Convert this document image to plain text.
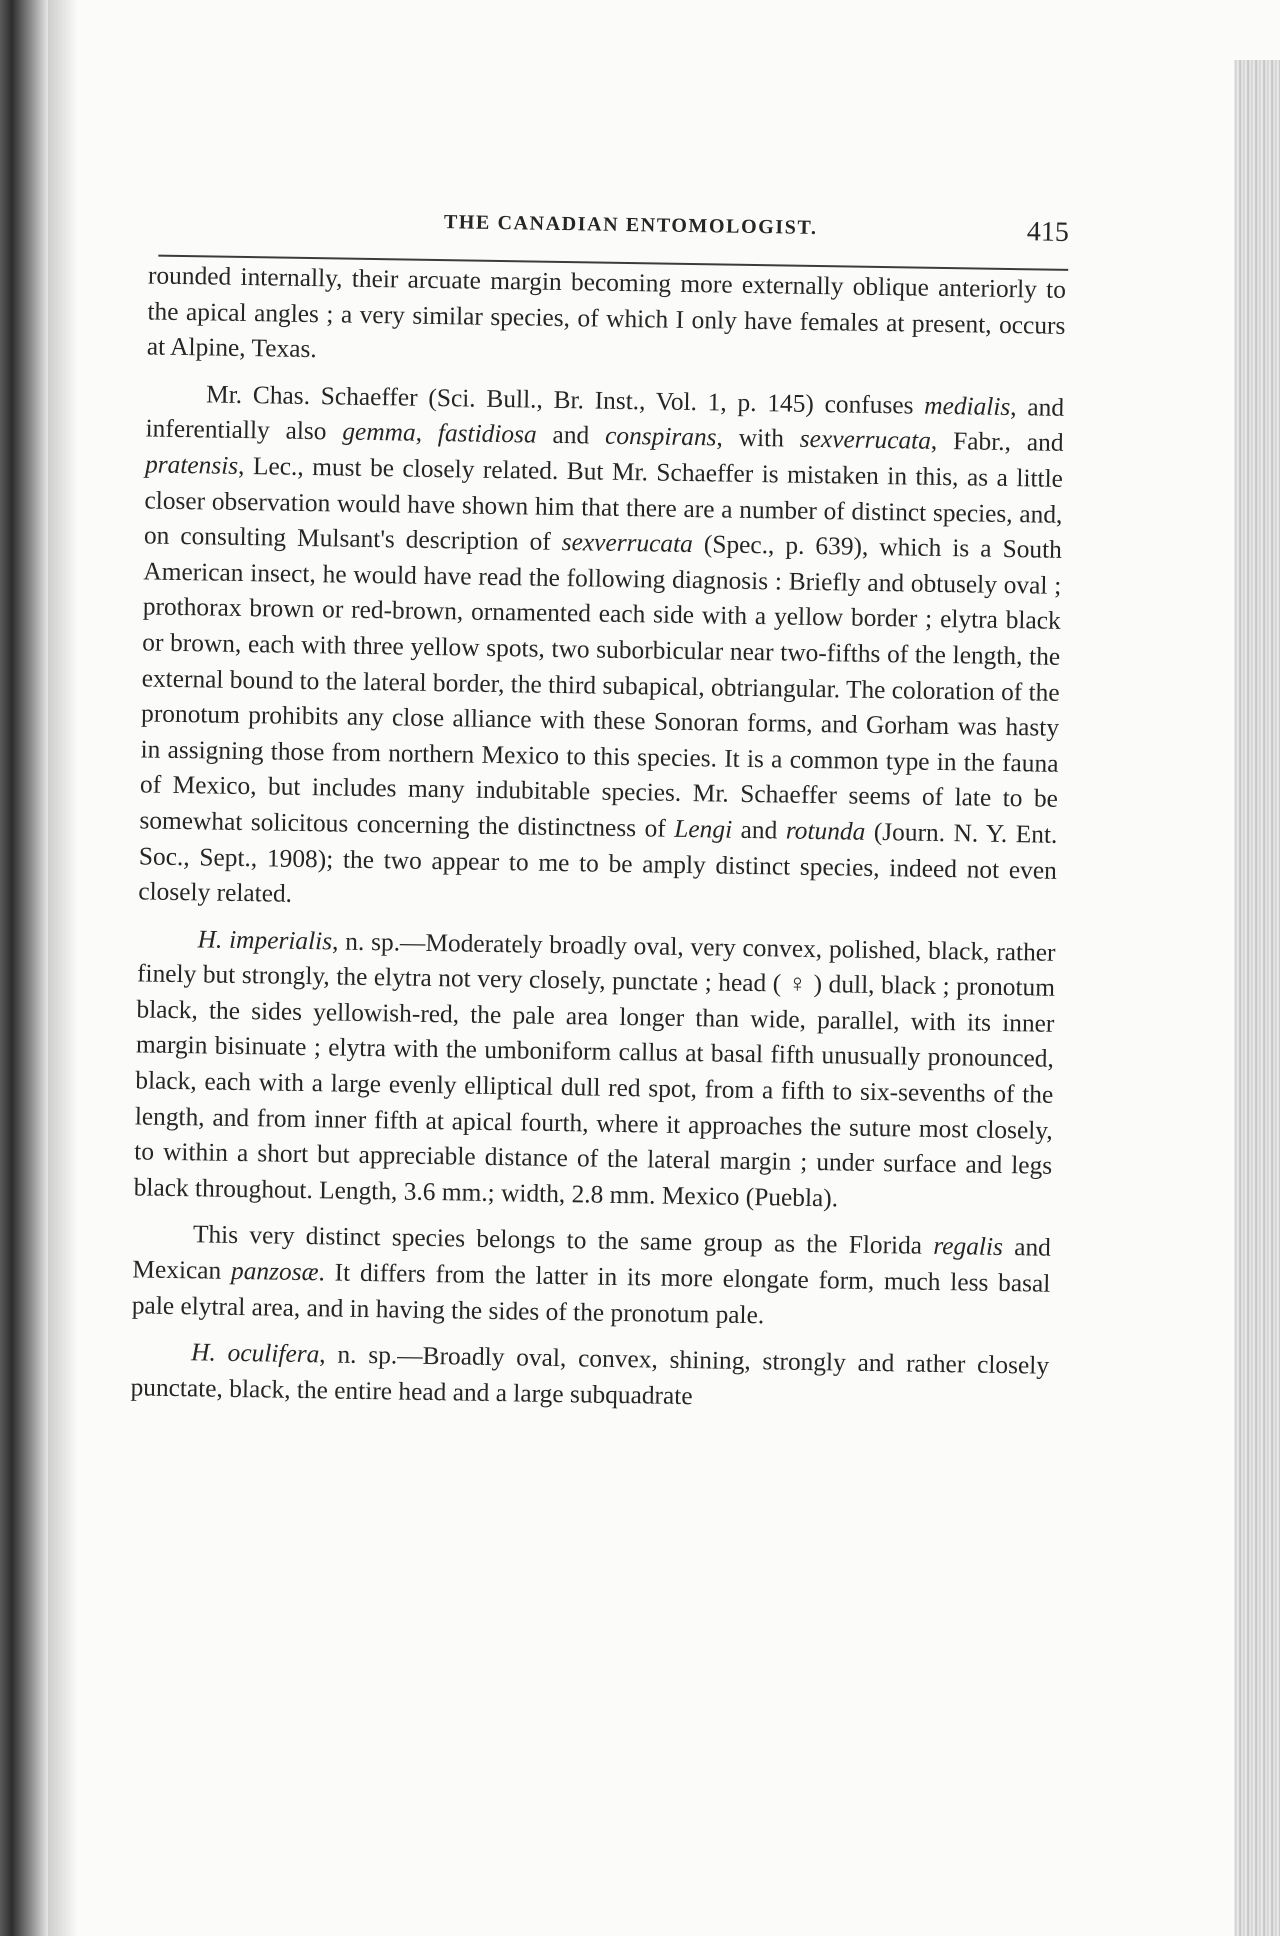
THE CANADIAN ENTOMOLOGIST.	415

rounded internally, their arcuate margin becoming more externally oblique anteriorly to the apical angles ; a very similar species, of which I only have females at present, occurs at Alpine, Texas.

Mr. Chas. Schaeffer (Sci. Bull., Br. Inst., Vol. 1, p. 145) confuses medialis, and inferentially also gemma, fastidiosa and conspirans, with sexverrucata, Fabr., and pratensis, Lec., must be closely related. But Mr. Schaeffer is mistaken in this, as a little closer observation would have shown him that there are a number of distinct species, and, on consulting Mulsant's description of sexverrucata (Spec., p. 639), which is a South American insect, he would have read the following diagnosis : Briefly and obtusely oval ; prothorax brown or red-brown, ornamented each side with a yellow border ; elytra black or brown, each with three yellow spots, two suborbicular near two-fifths of the length, the external bound to the lateral border, the third subapical, obtriangular. The coloration of the pronotum prohibits any close alliance with these Sonoran forms, and Gorham was hasty in assigning those from northern Mexico to this species. It is a common type in the fauna of Mexico, but includes many indubitable species. Mr. Schaeffer seems of late to be somewhat solicitous concerning the distinctness of Lengi and rotunda (Journ. N. Y. Ent. Soc., Sept., 1908); the two appear to me to be amply distinct species, indeed not even closely related.

H. imperialis, n. sp.—Moderately broadly oval, very convex, polished, black, rather finely but strongly, the elytra not very closely, punctate ; head ( ♀ ) dull, black ; pronotum black, the sides yellowish-red, the pale area longer than wide, parallel, with its inner margin bisinuate ; elytra with the umboniform callus at basal fifth unusually pronounced, black, each with a large evenly elliptical dull red spot, from a fifth to six-sevenths of the length, and from inner fifth at apical fourth, where it approaches the suture most closely, to within a short but appreciable distance of the lateral margin ; under surface and legs black throughout. Length, 3.6 mm.; width, 2.8 mm. Mexico (Puebla).

This very distinct species belongs to the same group as the Florida regalis and Mexican panzosæ. It differs from the latter in its more elongate form, much less basal pale elytral area, and in having the sides of the pronotum pale.

H. oculifera, n. sp.—Broadly oval, convex, shining, strongly and rather closely punctate, black, the entire head and a large subquadrate
